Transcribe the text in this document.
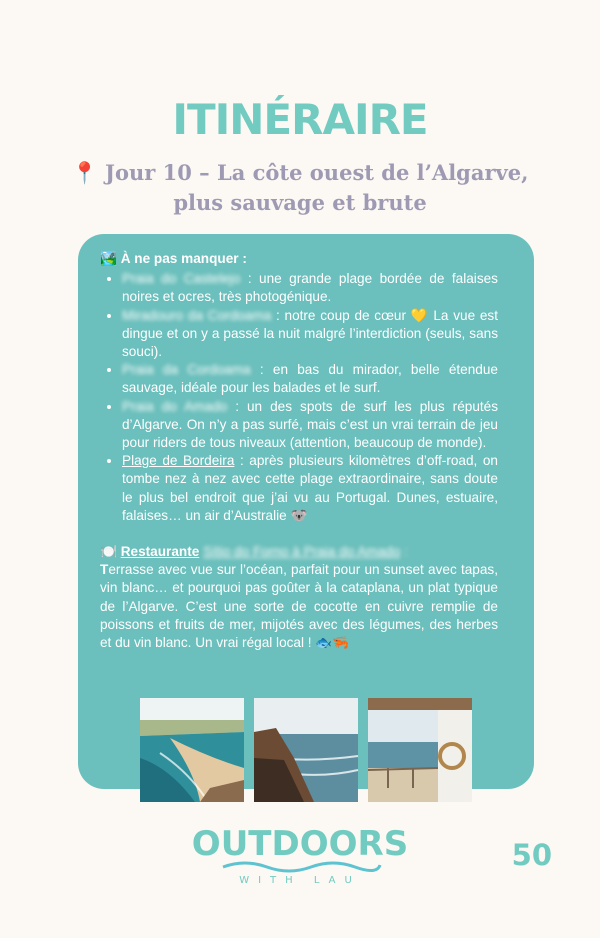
ITINÉRAIRE
📍 Jour 10 – La côte ouest de l’Algarve,
plus sauvage et brute

🏞️ À ne pas manquer :

• Praia do Castelejo : une grande plage bordée de falaises noires et ocres, très photogénique.
• Miradouro da Cordoama : notre coup de cœur 💛 La vue est dingue et on y a passé la nuit malgré l’interdiction (seuls, sans souci).
• Praia da Cordoama : en bas du mirador, belle étendue sauvage, idéale pour les balades et le surf.
• Praia do Amado : un des spots de surf les plus réputés d’Algarve. On n’y a pas surfé, mais c’est un vrai terrain de jeu pour riders de tous niveaux (attention, beaucoup de monde).
• Plage de Bordeira : après plusieurs kilomètres d’off-road, on tombe nez à nez avec cette plage extraordinaire, sans doute le plus bel endroit que j’ai vu au Portugal. Dunes, estuaire, falaises… un air d’Australie 🐨

🍽️ Restaurante Sítio do Forno à Praia do Amado :

Terrasse avec vue sur l’océan, parfait pour un sunset avec tapas, vin blanc… et pourquoi pas goûter à la cataplana, un plat typique de l’Algarve. C’est une sorte de cocotte en cuivre remplie de poissons et fruits de mer, mijotés avec des légumes, des herbes et du vin blanc. Un vrai régal local ! 🐟🦐

OUTDOORS
WITH LAU
50
